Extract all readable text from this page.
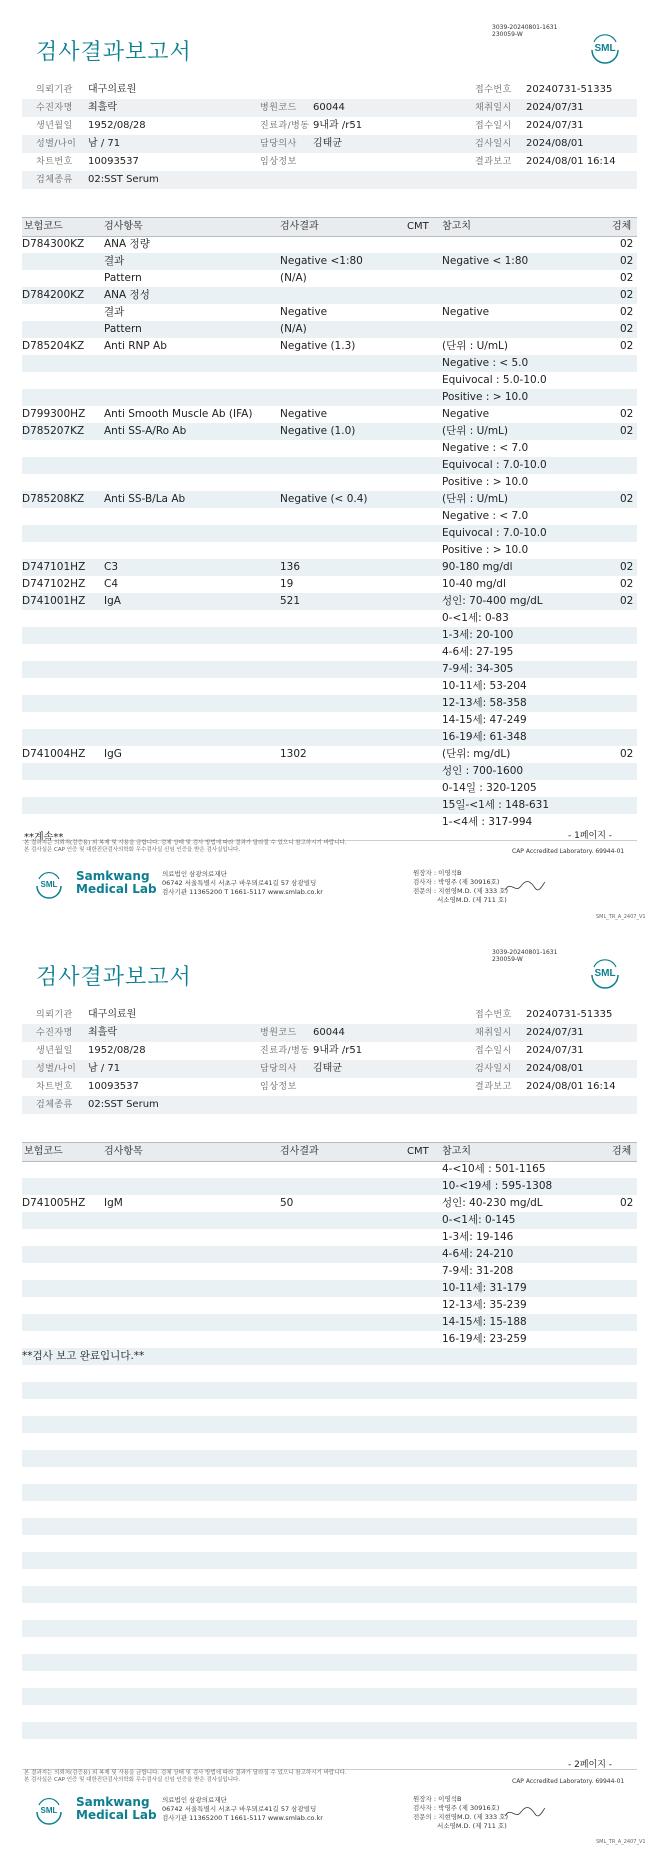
3039-20240801-1631
230059-W
검사결과보고서	SML
의뢰기관 대구의료원	접수번호 20240731-51335
수진자명 최흘락	병원코드 60044	채취일시 2024/07/31
생년월일 1952/08/28	진료과/병동 9내과 /r51	접수일시 2024/07/31
성별/나이 남 / 71	담당의사 김태균	검사일시 2024/08/01
차트번호 10093537	임상정보	결과보고 2024/08/01 16:14
검체종류 02:SST Serum
보험코드	검사항목	검사결과	CMT 참고치	검체
D784300KZ ANA 정량	02
결과	Negative <1:80	Negative < 1:80	02
Pattern	(N/A)	02
D784200KZ ANA 정성	02
결과	Negative	Negative	02
Pattern	(N/A)	02
D785204KZ Anti RNP Ab	Negative (1.3)	(단위 : U/mL)	02
Negative : < 5.0
Equivocal : 5.0-10.0
Positive : > 10.0
D799300HZ Anti Smooth Muscle Ab (IFA)	Negative	Negative	02
D785207KZ Anti SS-A/Ro Ab	Negative (1.0)	(단위 : U/mL)	02
Negative : < 7.0
Equivocal : 7.0-10.0
Positive : > 10.0
D785208KZ Anti SS-B/La Ab	Negative (< 0.4)	(단위 : U/mL)	02
Negative : < 7.0
Equivocal : 7.0-10.0
Positive : > 10.0
D747101HZ C3	136	90-180 mg/dl	02
D747102HZ C4	19	10-40 mg/dl	02
D741001HZ IgA	521	성인: 70-400 mg/dL	02
0-<1세: 0-83
1-3세: 20-100
4-6세: 27-195
7-9세: 34-305
10-11세: 53-204
12-13세: 58-358
14-15세: 47-249
16-19세: 61-348
D741004HZ IgG	1302	(단위: mg/dL)	02
성인 : 700-1600
0-14일 : 320-1205
15일-<1세 : 148-631
1-<4세 : 317-994
**계속**	- 1페이지 -
본 결과지는 의뢰처(검증용) 외 복제 및 사용을 금합니다. 검체 상태 및 검사 방법에 따라 결과가 달라질 수 있으니 참고하시기 바랍니다.
본 검사실은 CAP 인증 및 대한진단검사의학회 우수검사실 신임 인증을 받은 검사실입니다.	CAP Accredited Laboratory. 69944-01
SML
Samkwang
Medical Lab
의료법인 삼광의료재단
06742 서울특별시 서초구 바우뫼로41길 57 삼광빌딩
검사기관 11365200 T 1661-5117 www.smlab.co.kr
원장자 : 이영석B
검사자 : 박영주 (제 30916호)
전문의 : 지현영M.D. (제 333 호)
서소영M.D. (제 711 호)
SML_TR_A_2407_V1
3039-20240801-1631
230059-W
검사결과보고서	SML
의뢰기관 대구의료원	접수번호 20240731-51335
수진자명 최흘락	병원코드 60044	채취일시 2024/07/31
생년월일 1952/08/28	진료과/병동 9내과 /r51	접수일시 2024/07/31
성별/나이 남 / 71	담당의사 김태균	검사일시 2024/08/01
차트번호 10093537	임상정보	결과보고 2024/08/01 16:14
검체종류 02:SST Serum
보험코드	검사항목	검사결과	CMT 참고치	검체
4-<10세 : 501-1165
10-<19세 : 595-1308
D741005HZ IgM	50	성인: 40-230 mg/dL	02
0-<1세: 0-145
1-3세: 19-146
4-6세: 24-210
7-9세: 31-208
10-11세: 31-179
12-13세: 35-239
14-15세: 15-188
16-19세: 23-259
**검사 보고 완료입니다.**
- 2페이지 -
본 결과지는 의뢰처(검증용) 외 복제 및 사용을 금합니다. 검체 상태 및 검사 방법에 따라 결과가 달라질 수 있으니 참고하시기 바랍니다.
본 검사실은 CAP 인증 및 대한진단검사의학회 우수검사실 신임 인증을 받은 검사실입니다.	CAP Accredited Laboratory. 69944-01
SML
Samkwang
Medical Lab
의료법인 삼광의료재단
06742 서울특별시 서초구 바우뫼로41길 57 삼광빌딩
검사기관 11365200 T 1661-5117 www.smlab.co.kr
원장자 : 이영석B
검사자 : 박영주 (제 30916호)
전문의 : 지현영M.D. (제 333 호)
서소영M.D. (제 711 호)
SML_TR_A_2407_V1
